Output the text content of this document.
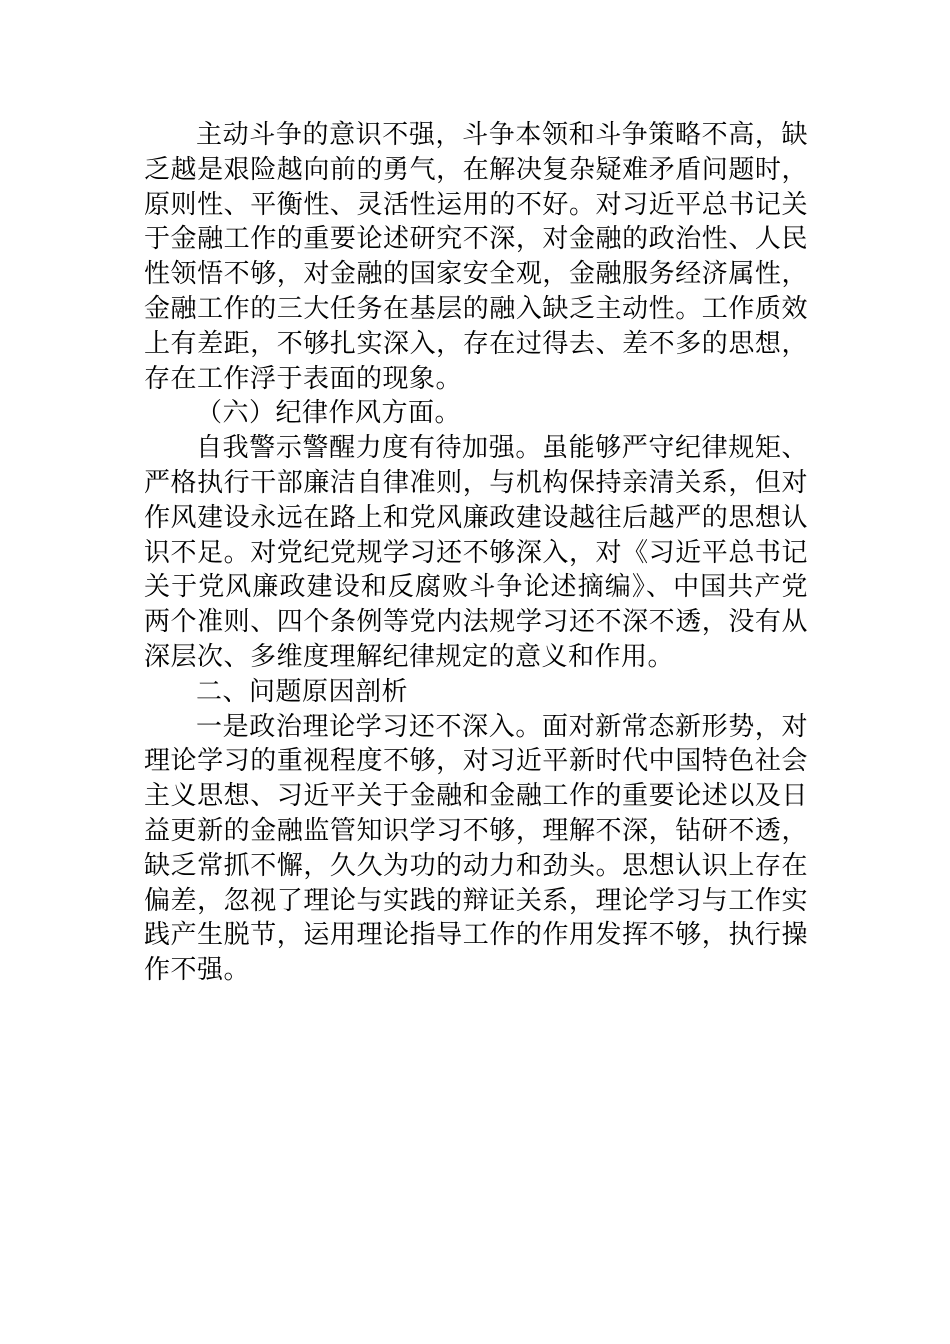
主动斗争的意识不强，斗争本领和斗争策略不高，缺乏越是艰险越向前的勇气，在解决复杂疑难矛盾问题时，原则性、平衡性、灵活性运用的不好。对习近平总书记关于金融工作的重要论述研究不深，对金融的政治性、人民性领悟不够，对金融的国家安全观，金融服务经济属性，金融工作的三大任务在基层的融入缺乏主动性。工作质效上有差距，不够扎实深入，存在过得去、差不多的思想，存在工作浮于表面的现象。

（六）纪律作风方面。

自我警示警醒力度有待加强。虽能够严守纪律规矩、严格执行干部廉洁自律准则，与机构保持亲清关系，但对作风建设永远在路上和党风廉政建设越往后越严的思想认识不足。对党纪党规学习还不够深入，对《习近平总书记关于党风廉政建设和反腐败斗争论述摘编》、中国共产党两个准则、四个条例等党内法规学习还不深不透，没有从深层次、多维度理解纪律规定的意义和作用。

二、问题原因剖析

一是政治理论学习还不深入。面对新常态新形势，对理论学习的重视程度不够，对习近平新时代中国特色社会主义思想、习近平关于金融和金融工作的重要论述以及日益更新的金融监管知识学习不够，理解不深，钻研不透，缺乏常抓不懈，久久为功的动力和劲头。思想认识上存在偏差，忽视了理论与实践的辩证关系，理论学习与工作实践产生脱节，运用理论指导工作的作用发挥不够，执行操作不强。
